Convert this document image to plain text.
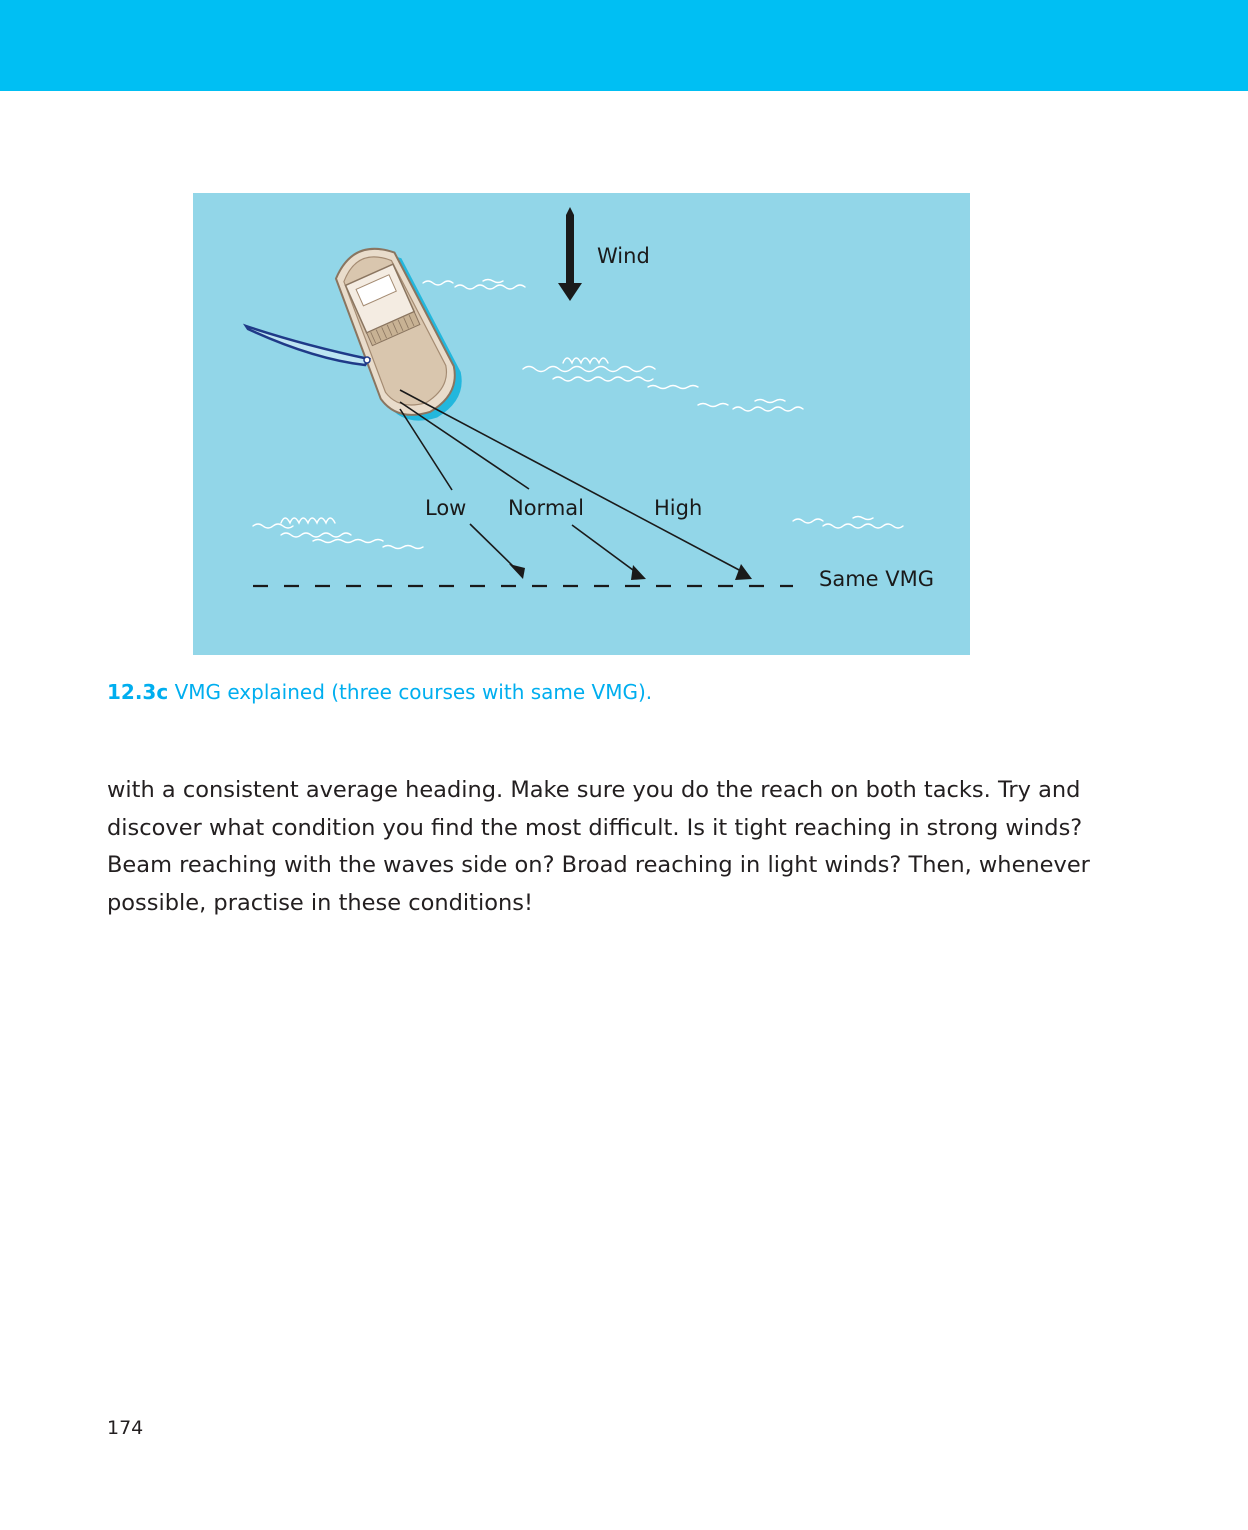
Wind
Low Normal	High
Same VMG
12.3c VMG explained (three courses with same VMG).

with a consistent average heading. Make sure you do the reach on both tacks. Try and
discover what condition you find the most difficult. Is it tight reaching in strong winds?
Beam reaching with the waves side on? Broad reaching in light winds? Then, whenever
possible, practise in these conditions!

174
